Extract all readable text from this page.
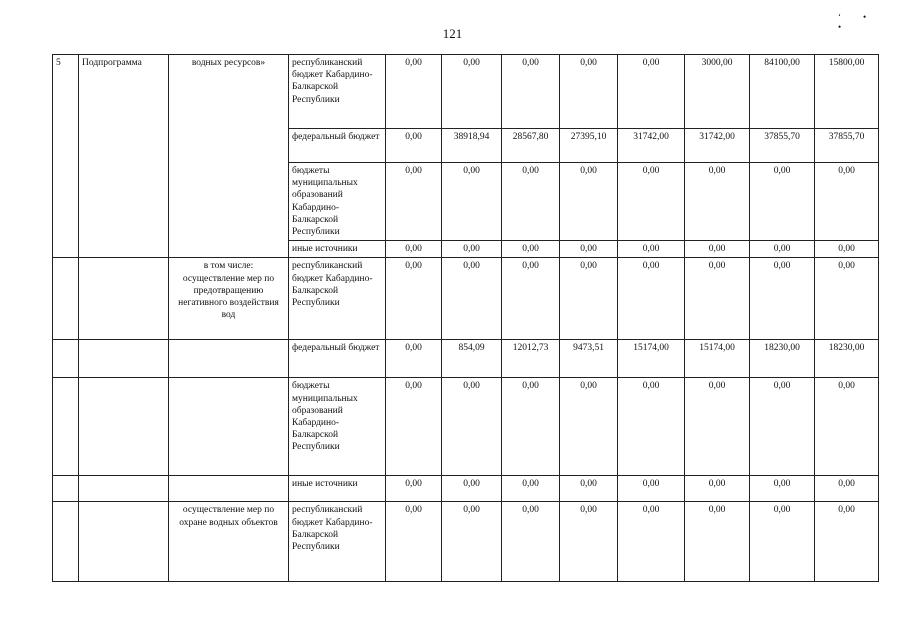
121
‘• •
5	Подпрограмма	водных ресурсов»	республиканский бюджет Кабардино-Балкарской Республики	0,00	0,00	0,00	0,00	0,00	3000,00	84100,00	15800,00
			федеральный бюджет	0,00	38918,94	28567,80	27395,10	31742,00	31742,00	37855,70	37855,70
			бюджеты муниципальных образований Кабардино-Балкарской Республики	0,00	0,00	0,00	0,00	0,00	0,00	0,00	0,00
			иные источники	0,00	0,00	0,00	0,00	0,00	0,00	0,00	0,00
		в том числе: осуществление мер по предотвращению негативного воздействия вод	республиканский бюджет Кабардино-Балкарской Республики	0,00	0,00	0,00	0,00	0,00	0,00	0,00	0,00
			федеральный бюджет	0,00	854,09	12012,73	9473,51	15174,00	15174,00	18230,00	18230,00
			бюджеты муниципальных образований Кабардино-Балкарской Республики	0,00	0,00	0,00	0,00	0,00	0,00	0,00	0,00
			иные источники	0,00	0,00	0,00	0,00	0,00	0,00	0,00	0,00
		осуществление мер по охране водных объектов	республиканский бюджет Кабардино-Балкарской Республики	0,00	0,00	0,00	0,00	0,00	0,00	0,00	0,00
